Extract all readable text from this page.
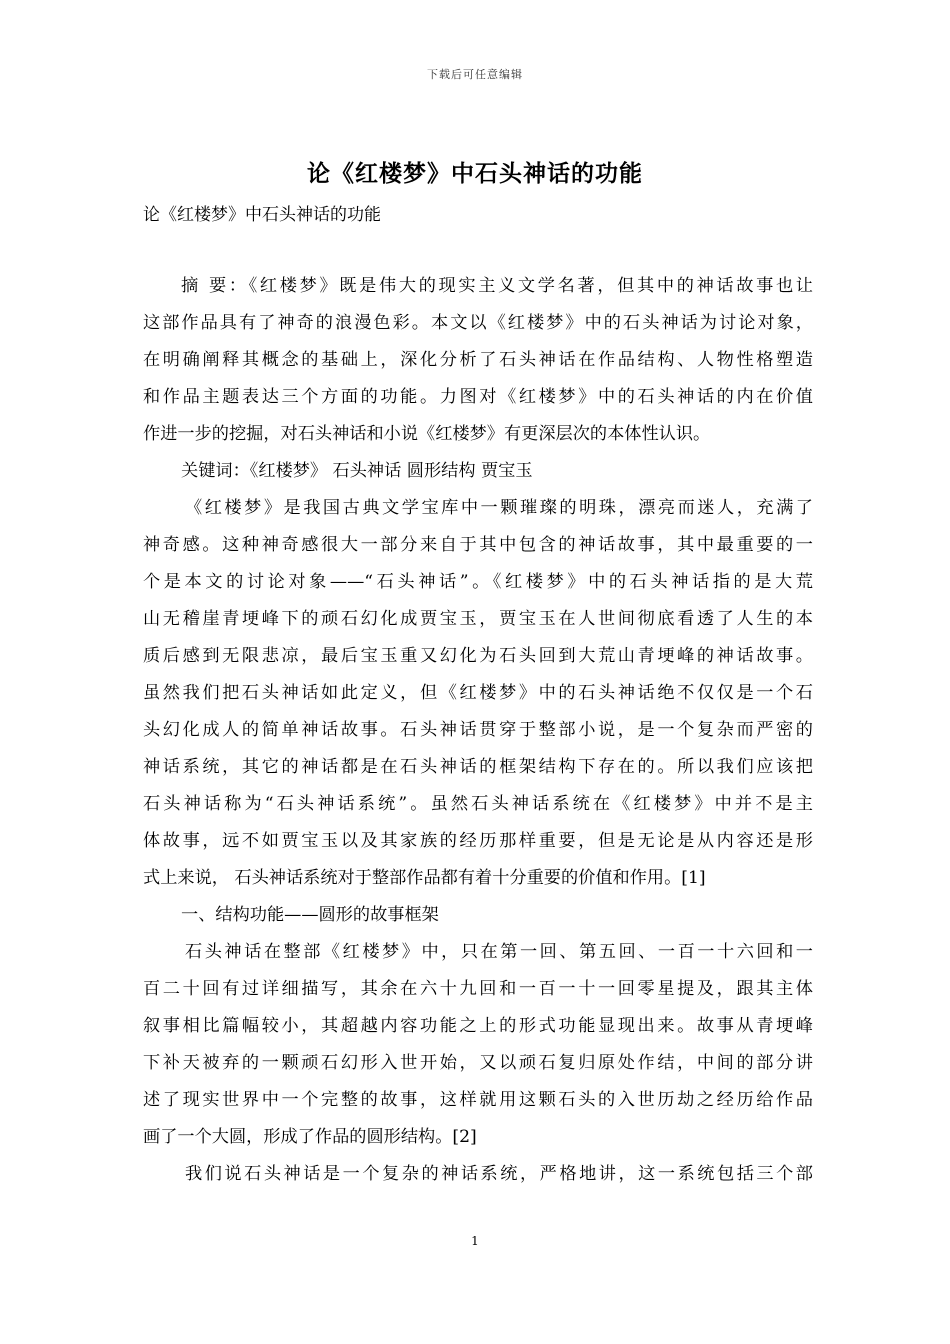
下载后可任意编辑
论《红楼梦》中石头神话的功能
论《红楼梦》中石头神话的功能
摘 要：《红楼梦》既是伟大的现实主义文学名著，但其中的神话故事也让
这部作品具有了神奇的浪漫色彩。本文以《红楼梦》中的石头神话为讨论对象，
在明确阐释其概念的基础上，深化分析了石头神话在作品结构、人物性格塑造
和作品主题表达三个方面的功能。力图对《红楼梦》中的石头神话的内在价值
作进一步的挖掘，对石头神话和小说《红楼梦》有更深层次的本体性认识。
关键词：《红楼梦》 石头神话 圆形结构 贾宝玉
《红楼梦》是我国古典文学宝库中一颗璀璨的明珠，漂亮而迷人，充满了
神奇感。这种神奇感很大一部分来自于其中包含的神话故事，其中最重要的一
个是本文的讨论对象——“石头神话”。《红楼梦》中的石头神话指的是大荒
山无稽崖青埂峰下的顽石幻化成贾宝玉，贾宝玉在人世间彻底看透了人生的本
质后感到无限悲凉，最后宝玉重又幻化为石头回到大荒山青埂峰的神话故事。
虽然我们把石头神话如此定义，但《红楼梦》中的石头神话绝不仅仅是一个石
头幻化成人的简单神话故事。石头神话贯穿于整部小说，是一个复杂而严密的
神话系统，其它的神话都是在石头神话的框架结构下存在的。所以我们应该把
石头神话称为“石头神话系统”。虽然石头神话系统在《红楼梦》中并不是主
体故事，远不如贾宝玉以及其家族的经历那样重要，但是无论是从内容还是形
式上来说， 石头神话系统对于整部作品都有着十分重要的价值和作用。[1]
一、结构功能——圆形的故事框架
石头神话在整部《红楼梦》中，只在第一回、第五回、一百一十六回和一
百二十回有过详细描写，其余在六十九回和一百一十一回零星提及，跟其主体
叙事相比篇幅较小，其超越内容功能之上的形式功能显现出来。故事从青埂峰
下补天被弃的一颗顽石幻形入世开始，又以顽石复归原处作结，中间的部分讲
述了现实世界中一个完整的故事，这样就用这颗石头的入世历劫之经历给作品
画了一个大圆，形成了作品的圆形结构。[2]
我们说石头神话是一个复杂的神话系统，严格地讲，这一系统包括三个部
1
